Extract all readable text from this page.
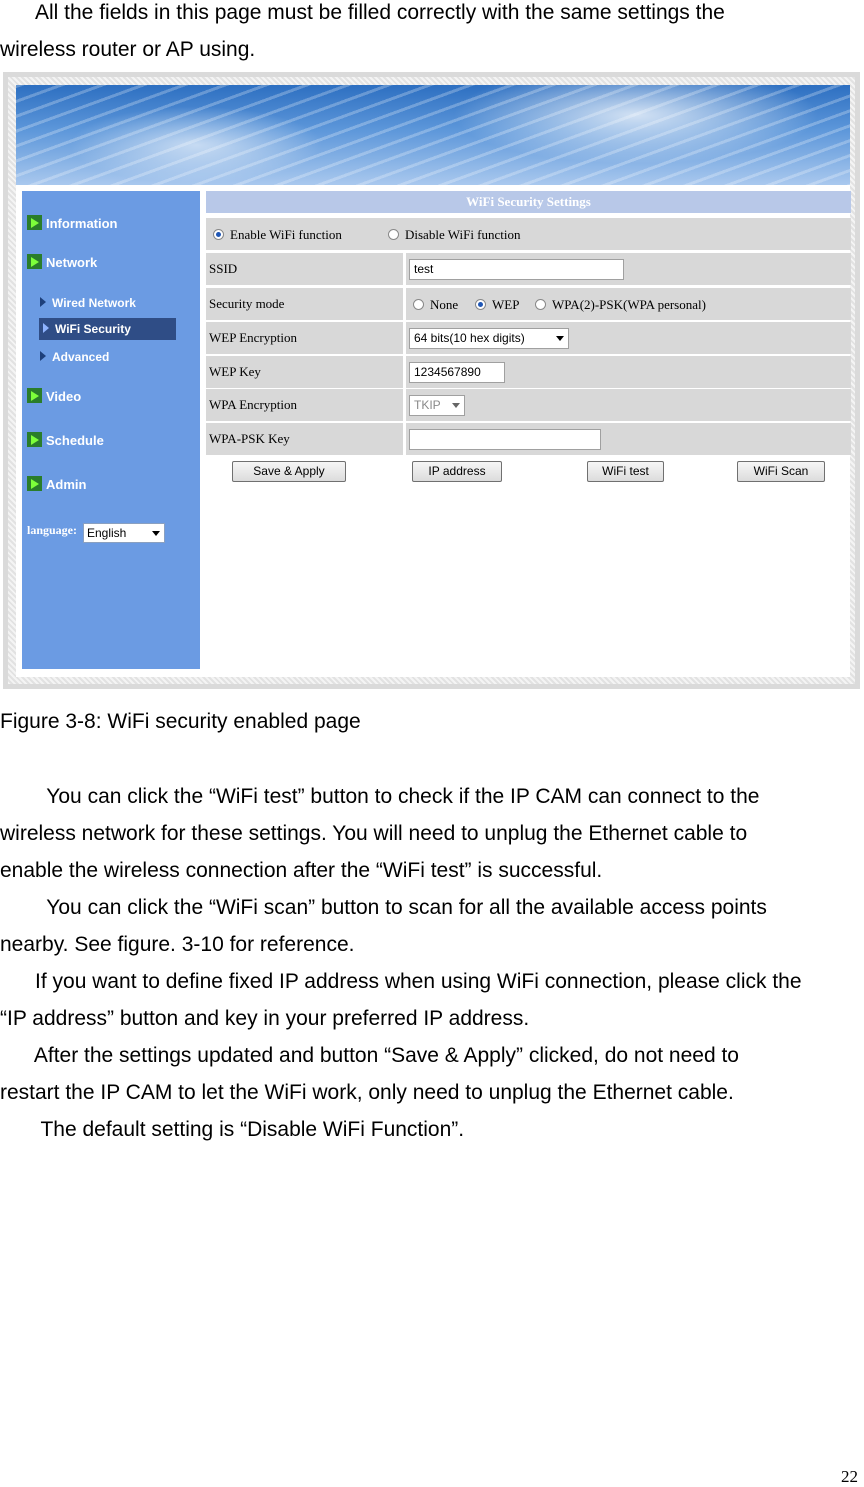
All the fields in this page must be filled correctly with the same settings the
wireless router or AP using.
Information
Network
Wired Network
WiFi Security
Advanced
Video
Schedule
Admin
language: English
WiFi Security Settings
Enable WiFi function	Disable WiFi function
SSID	test
Security mode	None	WEP	WPA(2)-PSK(WPA personal)
WEP Encryption	64 bits(10 hex digits)
WEP Key	1234567890
WPA Encryption	TKIP
WPA-PSK Key
Save & Apply	IP address	WiFi test	WiFi Scan

Figure 3-8: WiFi security enabled page

You can click the “WiFi test” button to check if the IP CAM can connect to the
wireless network for these settings. You will need to unplug the Ethernet cable to
enable the wireless connection after the “WiFi test” is successful.
You can click the “WiFi scan” button to scan for all the available access points
nearby. See figure. 3-10 for reference.
If you want to define fixed IP address when using WiFi connection, please click the
“IP address” button and key in your preferred IP address.
After the settings updated and button “Save & Apply” clicked, do not need to
restart the IP CAM to let the WiFi work, only need to unplug the Ethernet cable.
The default setting is “Disable WiFi Function”.
22
